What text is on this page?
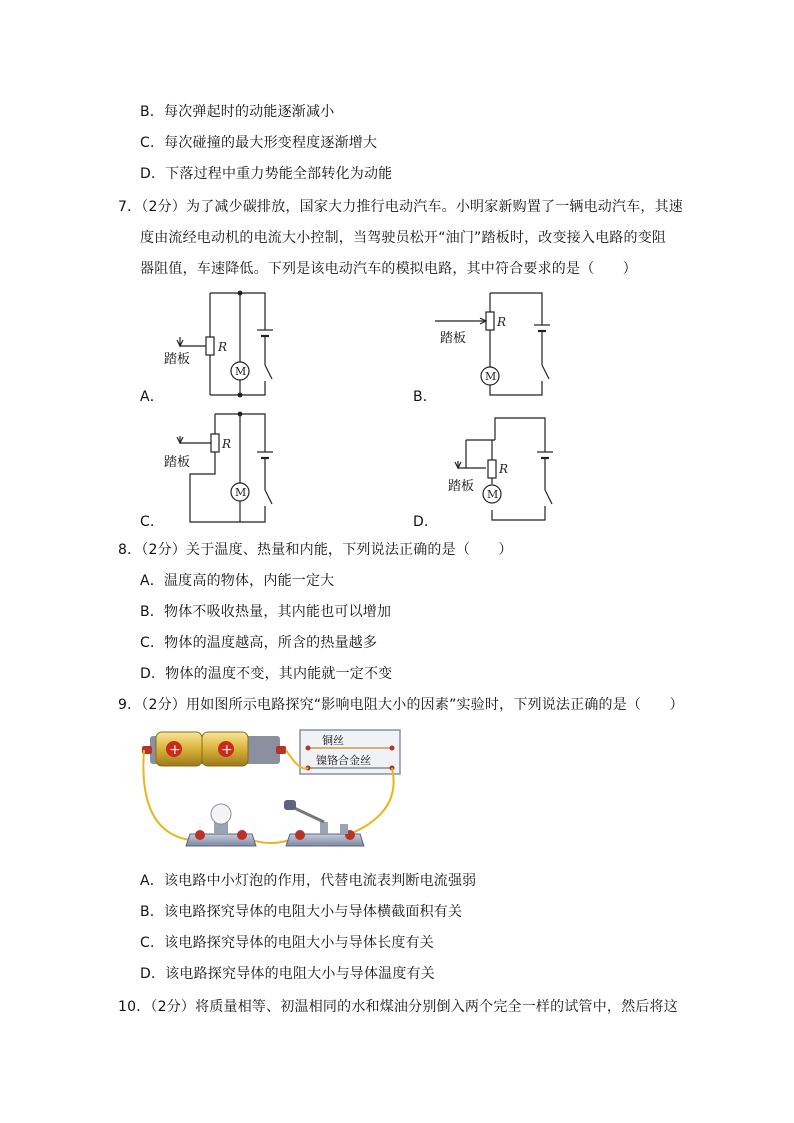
B．每次弹起时的动能逐渐减小
C．每次碰撞的最大形变程度逐渐增大
D．下落过程中重力势能全部转化为动能
7．（2分）为了减少碳排放，国家大力推行电动汽车。小明家新购置了一辆电动汽车，其速
度由流经电动机的电流大小控制，当驾驶员松开“油门”踏板时，改变接入电路的变阻
器阻值，车速降低。下列是该电动汽车的模拟电路，其中符合要求的是（　　）
R
M
踏板
A．
R
M
踏板
B．
R
M
踏板
C．
R
M
踏板
D．
8．（2分）关于温度、热量和内能，下列说法正确的是（　　）
A．温度高的物体，内能一定大
B．物体不吸收热量，其内能也可以增加
C．物体的温度越高，所含的热量越多
D．物体的温度不变，其内能就一定不变
9．（2分）用如图所示电路探究“影响电阻大小的因素”实验时，下列说法正确的是（　　）
+	+
铜丝
镍铬合金丝
A．该电路中小灯泡的作用，代替电流表判断电流强弱
B．该电路探究导体的电阻大小与导体横截面积有关
C．该电路探究导体的电阻大小与导体长度有关
D．该电路探究导体的电阻大小与导体温度有关
10．（2分）将质量相等、初温相同的水和煤油分别倒入两个完全一样的试管中，然后将这
